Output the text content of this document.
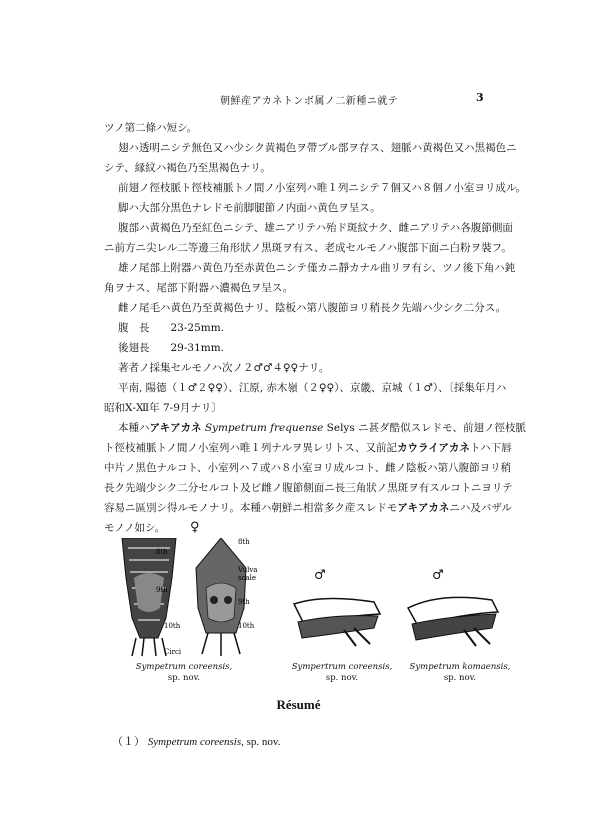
朝鮮産アカネトンボ属ノ二新種ニ就テ	3
ツノ第二條ハ短シ。
翅ハ透明ニシテ無色又ハ少シク黄褐色ヲ帶ブル部ヲ存ス、翅脈ハ黄褐色又ハ黒褐色ニ
シテ、縁紋ハ褐色乃至黒褐色ナリ。
前翅ノ徑枝脈ト徑枝補脈トノ間ノ小室列ハ唯１列ニシテ７個又ハ８個ノ小室ヨリ成ル。
脚ハ大部分黒色ナレドモ前脚腿節ノ内面ハ黄色ヲ呈ス。
腹部ハ黄褐色乃至紅色ニシテ、雄ニアリテハ殆ド斑紋ナク、雌ニアリテハ各腹節側面
ニ前方ニ尖レル二等邊三角形狀ノ黒斑ヲ有ス、老成セルモノハ腹部下面ニ白粉ヲ裝フ。
雄ノ尾部上附器ハ黄色乃至赤黄色ニシテ僅カニ靜カナル曲リヲ有シ、ツノ後下角ハ鈍
角ヲナス、尾部下附器ハ濃褐色ヲ呈ス。
雌ノ尾毛ハ黄色乃至黄褐色ナリ、陰板ハ第八腹節ヨリ稍長ク先端ハ少シク二分ス。
腹　長　　23-25mm.
後翅長　　29-31mm.
著者ノ採集セルモノハ次ノ２♂♂４♀♀ナリ。
平南, 陽德（１♂２♀♀）、江原, 赤木嶺（２♀♀）、京畿、京城（１♂）、〔採集年月ハ
昭和Ⅹ-Ⅻ年 7-9月ナリ〕
本種ハアキアカネ Sympetrum frequense Selys ニ甚ダ酷似スレドモ、前翅ノ徑枝脈
ト徑枝補脈トノ間ノ小室列ハ唯１列ナルヲ異レリトス、又前記カウライアカネトハ下唇
中片ノ黒色ナルコト、小室列ハ７或ハ８小室ヨリ成ルコト、雌ノ陰板ハ第八腹節ヨリ稍
長ク先端少シク二分セルコト及ビ雌ノ腹節側面ニ長三角狀ノ黒斑ヲ有スルコトニヨリテ
容易ニ區別シ得ルモノナリ。本種ハ朝鮮ニ相當多ク産スレドモアキアカネニハ及バザル
モノノ如シ。	♀
8th
9th
10th
Circi
8th
Vulva
scale
9th
10th
♂	♂
Sympetrum coreensis,
sp. nov.
Sympertrum coreensis,
sp. nov.
Sympetrum komaensis,
sp. nov.
Résumé
（１） Sympetrum coreensis, sp. nov.
